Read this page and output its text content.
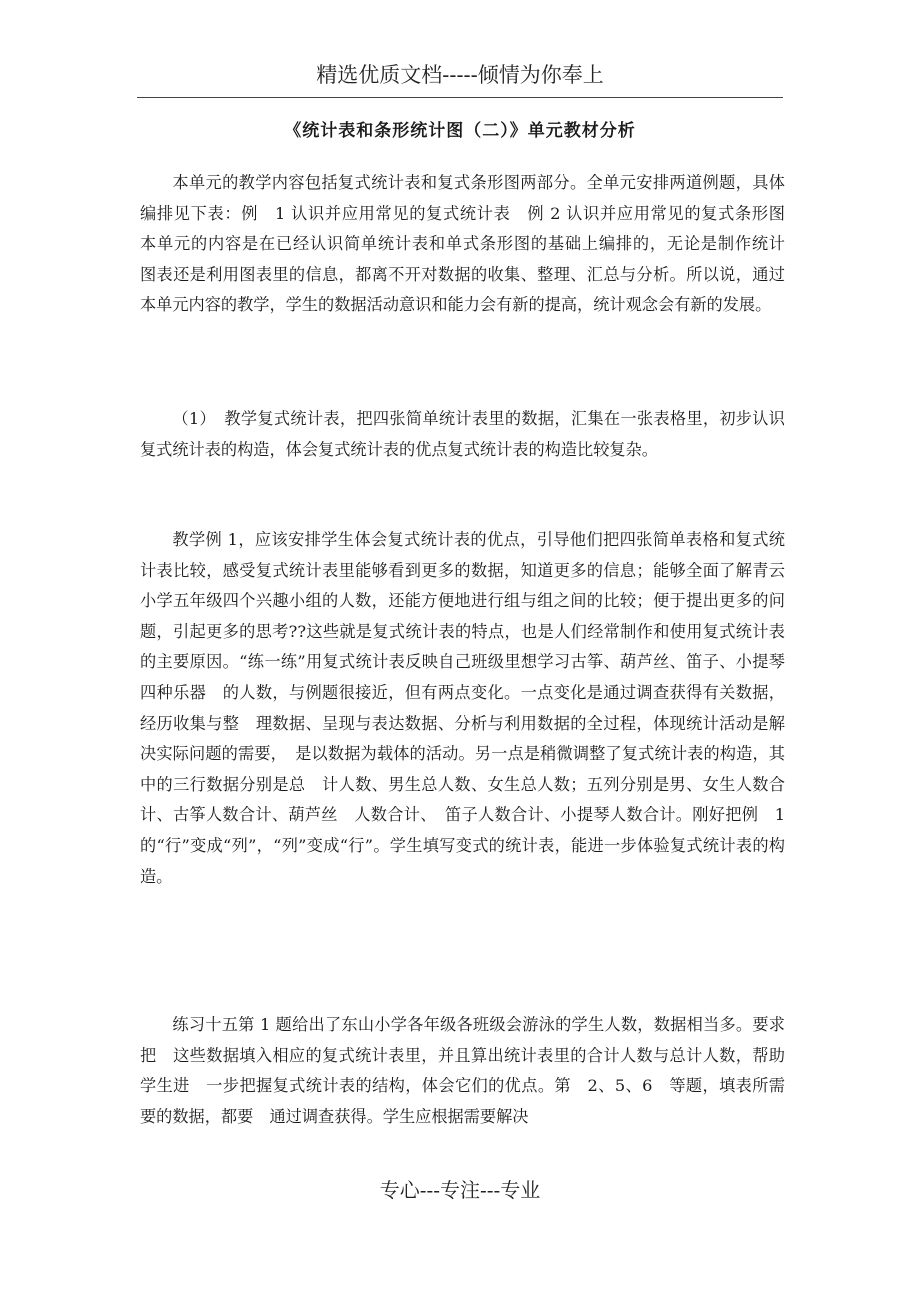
精选优质文档-----倾情为你奉上
《统计表和条形统计图（二）》单元教材分析

本单元的教学内容包括复式统计表和复式条形图两部分。全单元安排两道例题，具体编排见下表：例　1 认识并应用常见的复式统计表　例 2 认识并应用常见的复式条形图　本单元的内容是在已经认识简单统计表和单式条形图的基础上编排的，无论是制作统计　图表还是利用图表里的信息，都离不开对数据的收集、整理、汇总与分析。所以说，通过本单元内容的教学，学生的数据活动意识和能力会有新的提高，统计观念会有新的发展。

（1）　教学复式统计表，把四张简单统计表里的数据，汇集在一张表格里，初步认识复式统计表的构造，体会复式统计表的优点复式统计表的构造比较复杂。

教学例 1，应该安排学生体会复式统计表的优点，引导他们把四张简单表格和复式统计表比较，感受复式统计表里能够看到更多的数据，知道更多的信息；能够全面了解青云小学五年级四个兴趣小组的人数，还能方便地进行组与组之间的比较；便于提出更多的问题，引起更多的思考??这些就是复式统计表的特点，也是人们经常制作和使用复式统计表的主要原因。“练一练”用复式统计表反映自己班级里想学习古筝、葫芦丝、笛子、小提琴四种乐器　的人数，与例题很接近，但有两点变化。一点变化是通过调查获得有关数据，经历收集与整　理数据、呈现与表达数据、分析与利用数据的全过程，体现统计活动是解决实际问题的需要，　是以数据为载体的活动。另一点是稍微调整了复式统计表的构造，其中的三行数据分别是总　计人数、男生总人数、女生总人数；五列分别是男、女生人数合计、古筝人数合计、葫芦丝　人数合计、　笛子人数合计、小提琴人数合计。刚好把例　1　的“行”变成“列”，“列”变成“行”。学生填写变式的统计表，能进一步体验复式统计表的构造。

练习十五第 1 题给出了东山小学各年级各班级会游泳的学生人数，数据相当多。要求把　这些数据填入相应的复式统计表里，并且算出统计表里的合计人数与总计人数，帮助学生进　一步把握复式统计表的结构，体会它们的优点。第　2、5、6　等题，填表所需要的数据，都要　通过调查获得。学生应根据需要解决

专心---专注---专业
